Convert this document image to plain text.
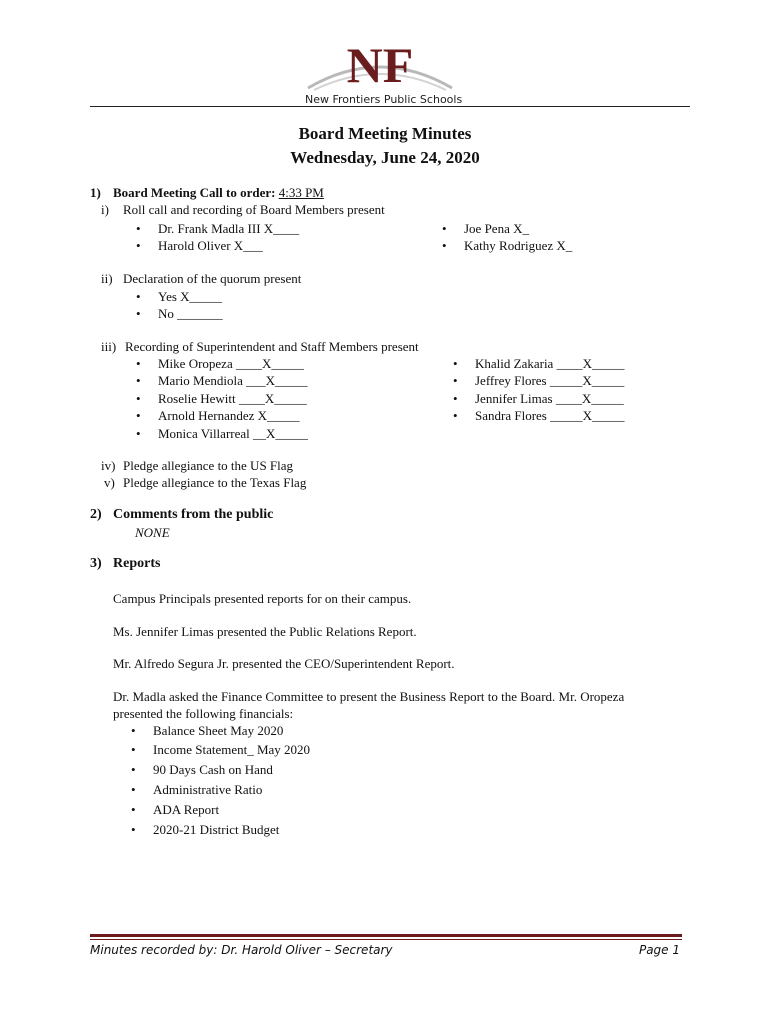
NF
New Frontiers Public Schools
Board Meeting Minutes
Wednesday, June 24, 2020
1) Board Meeting Call to order: 4:33 PM
i) Roll call and recording of Board Members present
• Dr. Frank Madla III X____
• Harold Oliver X___
• Joe Pena X_
• Kathy Rodriguez X_
ii) Declaration of the quorum present
• Yes X_____
• No _______
iii) Recording of Superintendent and Staff Members present
• Mike Oropeza ____X_____
• Mario Mendiola ___X_____
• Roselie Hewitt ____X_____
• Arnold Hernandez X_____
• Monica Villarreal __X_____
• Khalid Zakaria ____X_____
• Jeffrey Flores _____X_____
• Jennifer Limas ____X_____
• Sandra Flores _____X_____
iv) Pledge allegiance to the US Flag
v) Pledge allegiance to the Texas Flag
2) Comments from the public
NONE
3) Reports
Campus Principals presented reports for on their campus.
Ms. Jennifer Limas presented the Public Relations Report.
Mr. Alfredo Segura Jr. presented the CEO/Superintendent Report.
Dr. Madla asked the Finance Committee to present the Business Report to the Board. Mr. Oropeza
presented the following financials:
• Balance Sheet May 2020
• Income Statement_ May 2020
• 90 Days Cash on Hand
• Administrative Ratio
• ADA Report
• 2020-21 District Budget
Minutes recorded by: Dr. Harold Oliver – Secretary	Page 1
